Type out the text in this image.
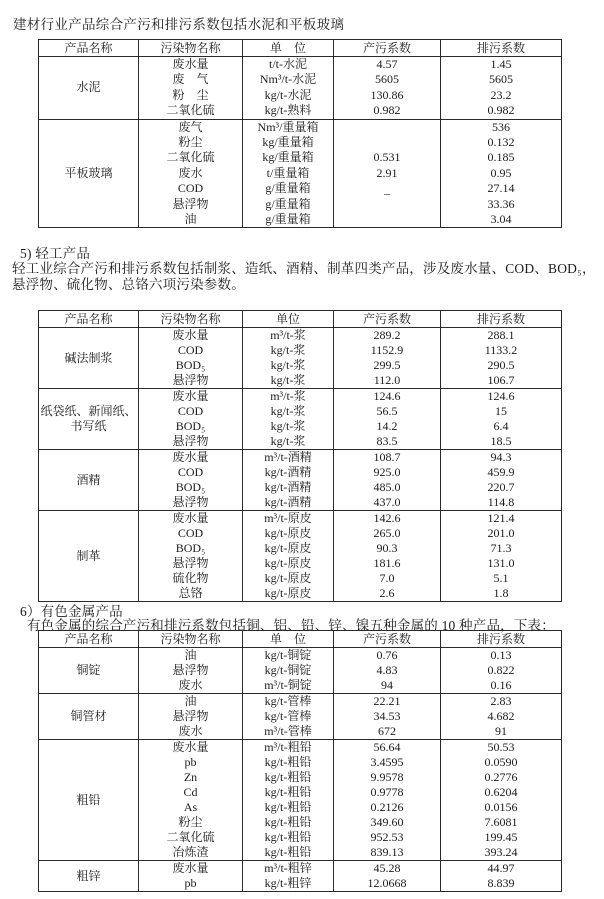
建材行业产品综合产污和排污系数包括水泥和平板玻璃
产品名称	污染物名称	单　位	产污系数	排污系数
水泥	废水量	t/t-水泥	4.57	1.45
	废　气	Nm³/t-水泥	5605	5605
	粉　尘	kg/t-水泥	130.86	23.2
	二氧化硫	kg/t-熟料	0.982	0.982
平板玻璃	废气	Nm³/重量箱		536
	粉尘	kg/重量箱		0.132
	二氧化硫	kg/重量箱	0.531	0.185
	废水	t/重量箱	2.91	0.95
	COD	g/重量箱	–	27.14
	悬浮物	g/重量箱		33.36
	油	g/重量箱		3.04
5) 轻工产品
轻工业综合产污和排污系数包括制浆、造纸、酒精、制革四类产品，涉及废水量、COD、BOD₅，
悬浮物、硫化物、总铬六项污染参数。
产品名称	污染物名称	单位	产污系数	排污系数
碱法制浆	废水量	m³/t-浆	289.2	288.1
	COD	kg/t-浆	1152.9	1133.2
	BOD₅	kg/t-浆	299.5	290.5
	悬浮物	kg/t-浆	112.0	106.7
纸袋纸、新闻纸、书写纸	废水量	m³/t-浆	124.6	124.6
	COD	kg/t-浆	56.5	15
	BOD₅	kg/t-浆	14.2	6.4
	悬浮物	kg/t-浆	83.5	18.5
酒精	废水量	m³/t-酒精	108.7	94.3
	COD	kg/t-酒精	925.0	459.9
	BOD₅	kg/t-酒精	485.0	220.7
	悬浮物	kg/t-酒精	437.0	114.8
制革	废水量	m³/t-原皮	142.6	121.4
	COD	kg/t-原皮	265.0	201.0
	BOD₅	kg/t-原皮	90.3	71.3
	悬浮物	kg/t-原皮	181.6	131.0
	硫化物	kg/t-原皮	7.0	5.1
	总铬	kg/t-原皮	2.6	1.8
6）有色金属产品
有色金属的综合产污和排污系数包括铜、铝、铅、锌、镍五种金属的 10 种产品，下表：
产品名称	污染物名称	单　位	产污系数	排污系数
铜锭	油	kg/t-铜锭	0.76	0.13
	悬浮物	kg/t-铜锭	4.83	0.822
	废水	m³/t-铜锭	94	0.16
铜管材	油	kg/t-管棒	22.21	2.83
	悬浮物	kg/t-管棒	34.53	4.682
	废水	m³/t-管棒	672	91
粗铅	废水量	m³/t-粗铅	56.64	50.53
	pb	kg/t-粗铅	3.4595	0.0590
	Zn	kg/t-粗铅	9.9578	0.2776
	Cd	kg/t-粗铅	0.9778	0.6204
	As	kg/t-粗铅	0.2126	0.0156
	粉尘	kg/t-粗铅	349.60	7.6081
	二氧化硫	kg/t-粗铅	952.53	199.45
	冶炼渣	kg/t-粗铅	839.13	393.24
粗锌	废水量	m³/t-粗锌	45.28	44.97
	pb	kg/t-粗锌	12.0668	8.839
